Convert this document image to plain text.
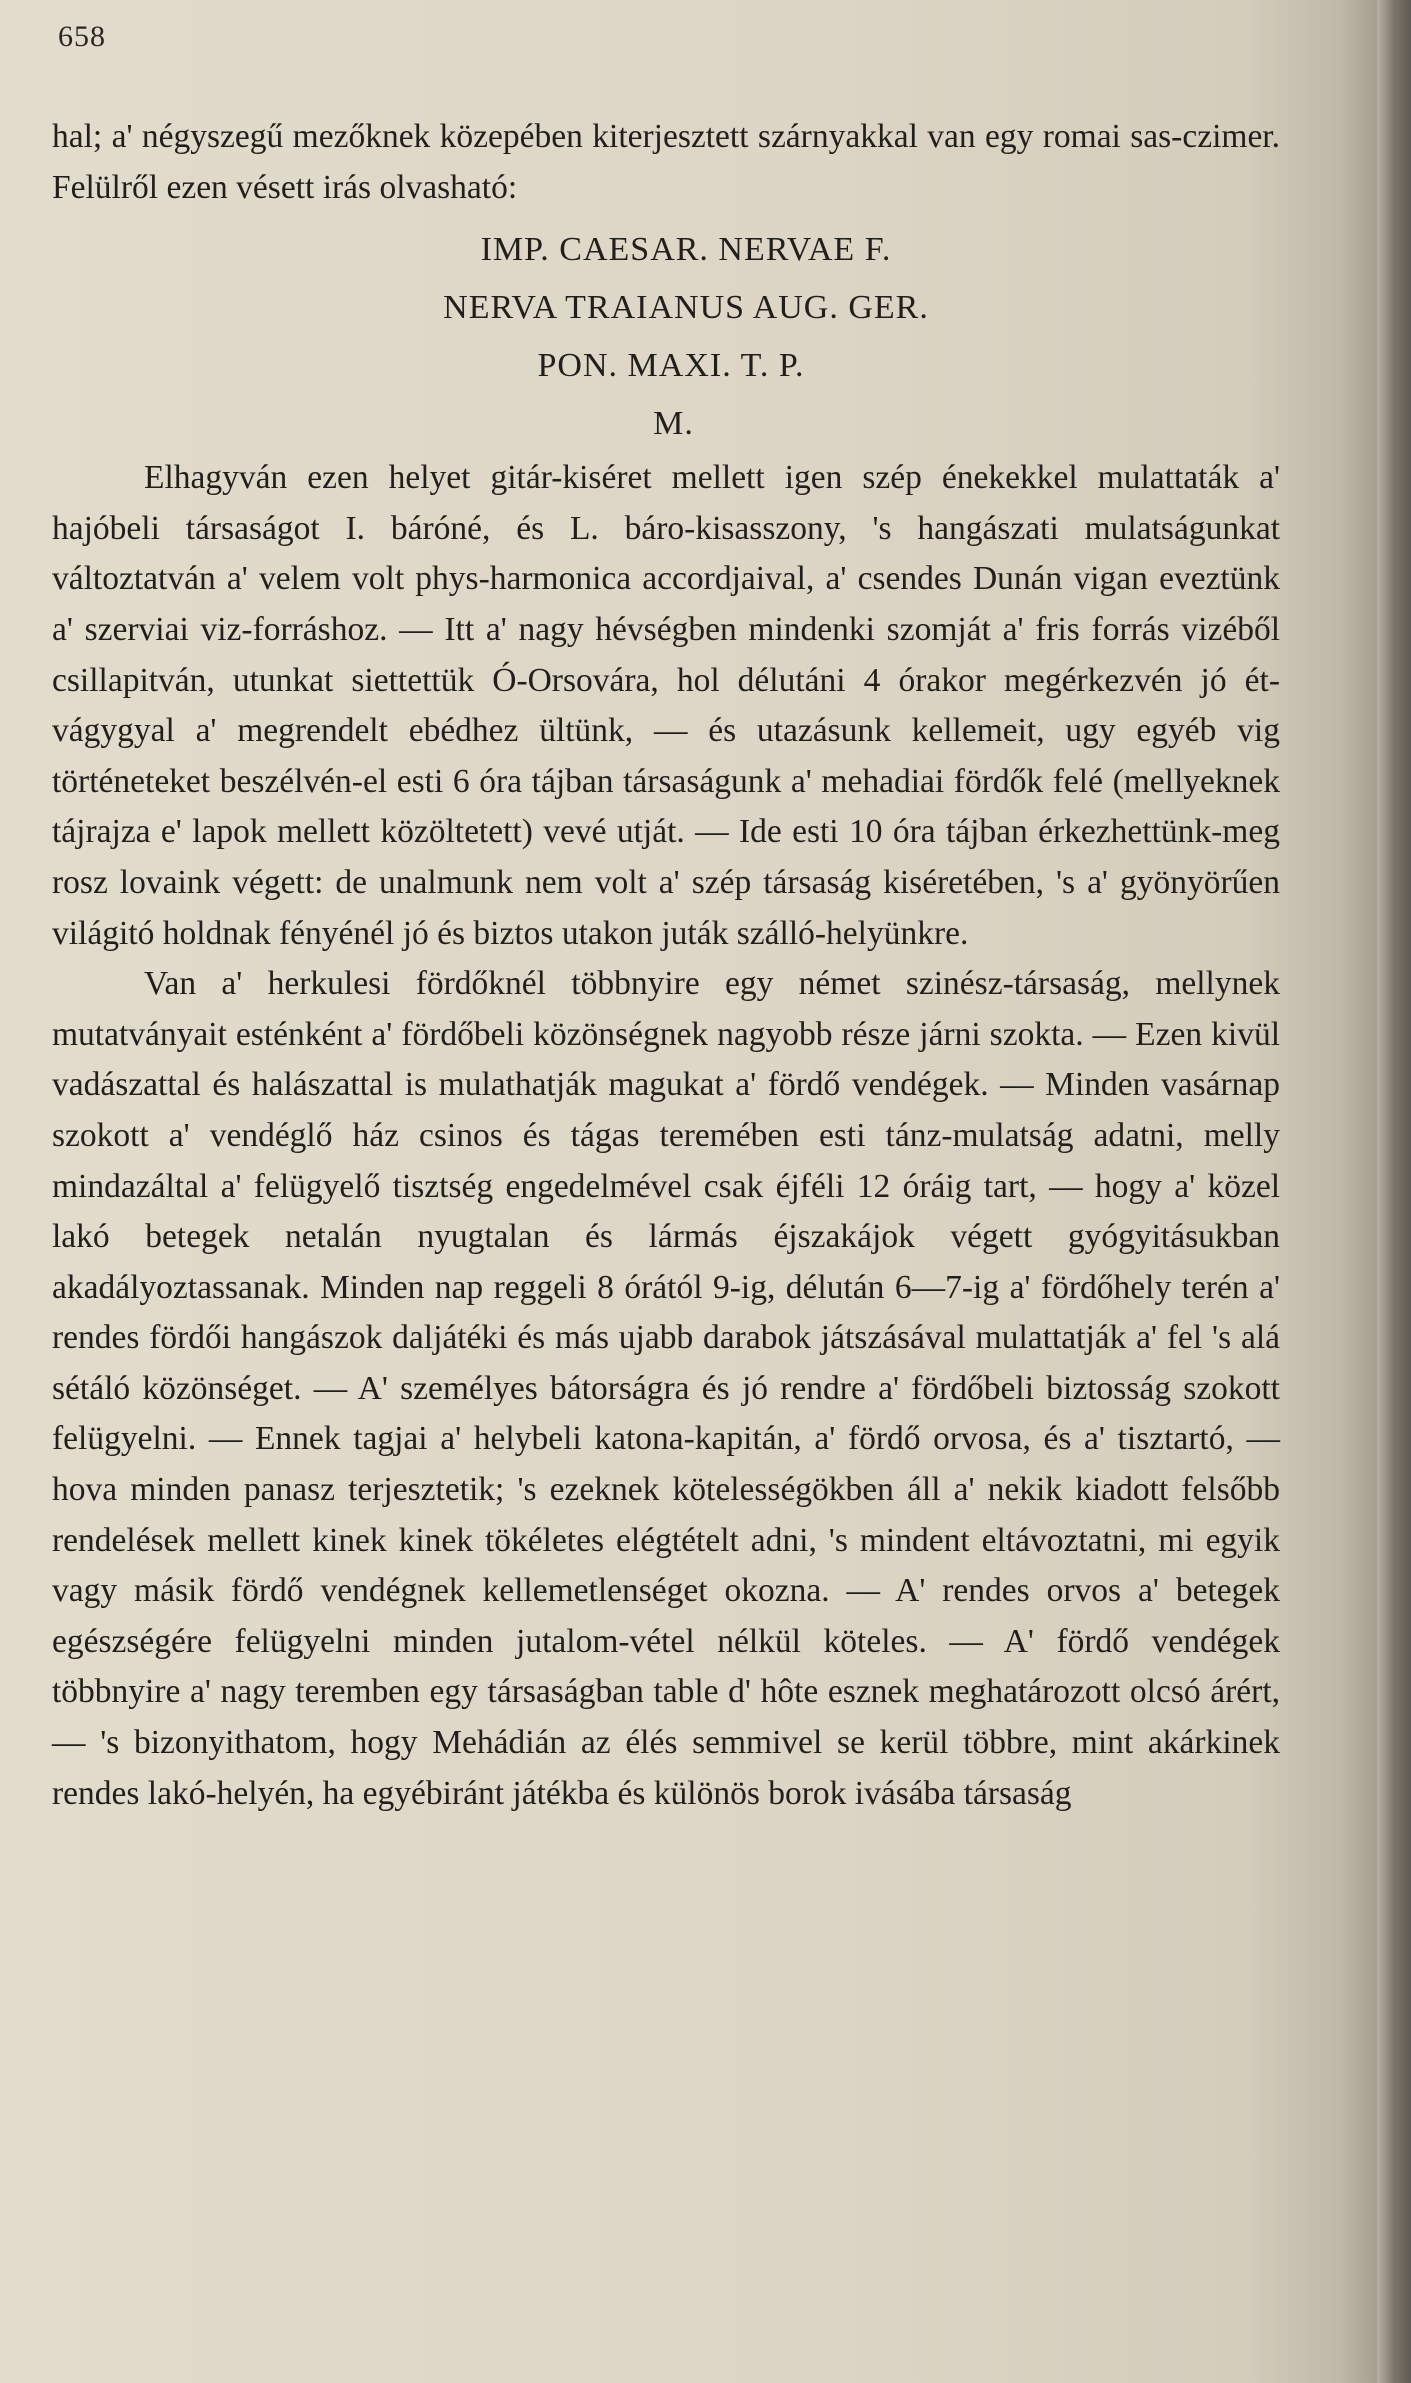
658

hal; a' négyszegű mezőknek közepében kiterjesztett szárnyakkal van egy romai sas-czimer. Felülről ezen vésett irás olvasható:

IMP. CAESAR. NERVAE F.
NERVA TRAIANUS AUG. GER.
PON. MAXI. T. P.
M.

Elhagyván ezen helyet gitár-kiséret mellett igen szép énekekkel mulattaták a' hajóbeli társaságot I. báróné, és L. báro-kisasszony, 's hangászati mulatságunkat változtatván a' velem volt phys-harmonica accordjaival, a' csendes Dunán vigan eveztünk a' szerviai viz-forráshoz. — Itt a' nagy hévségben mindenki szomját a' fris forrás vizéből csillapitván, utunkat siettettük Ó-Orsovára, hol délutáni 4 órakor megérkezvén jó ét-vágygyal a' megrendelt ebédhez ültünk, — és utazásunk kellemeit, ugy egyéb vig történeteket beszélvén-el esti 6 óra tájban társaságunk a' mehadiai fördők felé (mellyeknek tájrajza e' lapok mellett közöltetett) vevé utját. — Ide esti 10 óra tájban érkezhettünk-meg rosz lovaink végett: de unalmunk nem volt a' szép társaság kiséretében, 's a' gyönyörűen világitó holdnak fényénél jó és biztos utakon juták szálló-helyünkre.

Van a' herkulesi fördőknél többnyire egy német szinész-társaság, mellynek mutatványait esténként a' fördőbeli közönségnek nagyobb része járni szokta. — Ezen kivül vadászattal és halászattal is mulathatják magukat a' fördő vendégek. — Minden vasárnap szokott a' vendéglő ház csinos és tágas teremében esti tánz-mulatság adatni, melly mindazáltal a' felügyelő tisztség engedelmével csak éjféli 12 óráig tart, — hogy a' közel lakó betegek netalán nyugtalan és lármás éjszakájok végett gyógyitásukban akadályoztassanak. Minden nap reggeli 8 órától 9-ig, délután 6—7-ig a' fördőhely terén a' rendes fördői hangászok daljátéki és más ujabb darabok játszásával mulattatják a' fel 's alá sétáló közönséget. — A' személyes bátorságra és jó rendre a' fördőbeli biztosság szokott felügyelni. — Ennek tagjai a' helybeli katona-kapitán, a' fördő orvosa, és a' tisztartó, — hova minden panasz terjesztetik; 's ezeknek kötelességökben áll a' nekik kiadott felsőbb rendelések mellett kinek kinek tökéletes elégtételt adni, 's mindent eltávoztatni, mi egyik vagy másik fördő vendégnek kellemetlenséget okozna. — A' rendes orvos a' betegek egészségére felügyelni minden jutalom-vétel nélkül köteles. — A' fördő vendégek többnyire a' nagy teremben egy társaságban table d' hôte esznek meghatározott olcsó árért, — 's bizonyithatom, hogy Mehádián az élés semmivel se kerül többre, mint akárkinek rendes lakó-helyén, ha egyébiránt játékba és különös borok ivásába társaság
